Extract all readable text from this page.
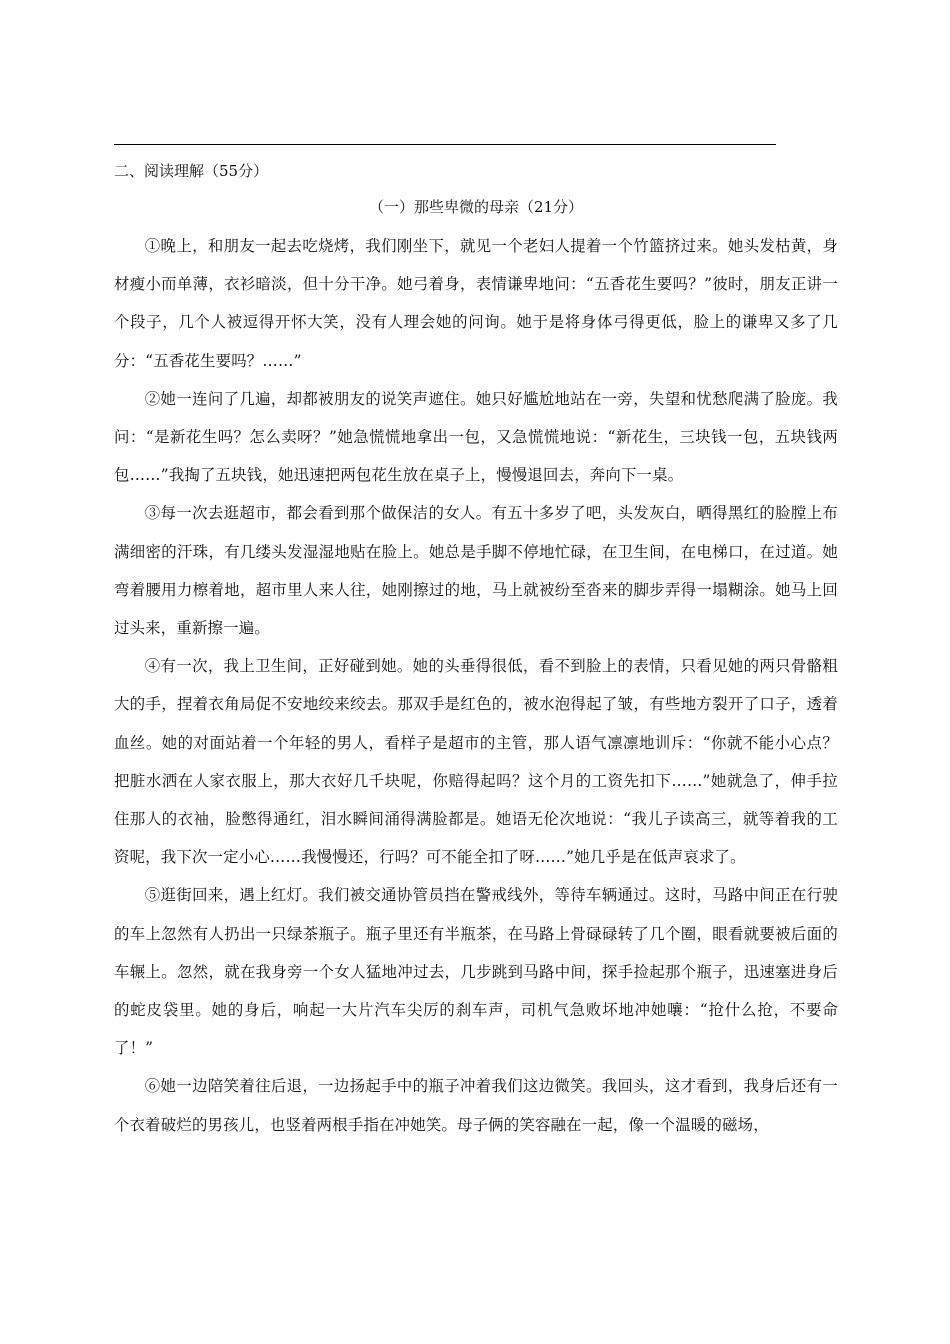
二、阅读理解（55分）

（一）那些卑微的母亲（21分）

①晚上，和朋友一起去吃烧烤，我们刚坐下，就见一个老妇人提着一个竹篮挤过来。她头发枯黄，身材瘦小而单薄，衣衫暗淡，但十分干净。她弓着身，表情谦卑地问：“五香花生要吗？”彼时，朋友正讲一个段子，几个人被逗得开怀大笑，没有人理会她的问询。她于是将身体弓得更低，脸上的谦卑又多了几分：“五香花生要吗？……”

②她一连问了几遍，却都被朋友的说笑声遮住。她只好尴尬地站在一旁，失望和忧愁爬满了脸庞。我问：“是新花生吗？怎么卖呀？”她急慌慌地拿出一包，又急慌慌地说：“新花生，三块钱一包，五块钱两包……”我掏了五块钱，她迅速把两包花生放在桌子上，慢慢退回去，奔向下一桌。

③每一次去逛超市，都会看到那个做保洁的女人。有五十多岁了吧，头发灰白，晒得黑红的脸膛上布满细密的汗珠，有几缕头发湿湿地贴在脸上。她总是手脚不停地忙碌，在卫生间，在电梯口，在过道。她弯着腰用力檫着地，超市里人来人往，她刚擦过的地，马上就被纷至沓来的脚步弄得一塌糊涂。她马上回过头来，重新擦一遍。

④有一次，我上卫生间，正好碰到她。她的头垂得很低，看不到脸上的表情，只看见她的两只骨骼粗大的手，捏着衣角局促不安地绞来绞去。那双手是红色的，被水泡得起了皱，有些地方裂开了口子，透着血丝。她的对面站着一个年轻的男人，看样子是超市的主管，那人语气凛凛地训斥：“你就不能小心点？把脏水洒在人家衣服上，那大衣好几千块呢，你赔得起吗？这个月的工资先扣下……”她就急了，伸手拉住那人的衣袖，脸憋得通红，泪水瞬间涌得满脸都是。她语无伦次地说：“我儿子读高三，就等着我的工资呢，我下次一定小心……我慢慢还，行吗？可不能全扣了呀……”她几乎是在低声哀求了。

⑤逛街回来，遇上红灯。我们被交通协管员挡在警戒线外，等待车辆通过。这时，马路中间正在行驶的车上忽然有人扔出一只绿茶瓶子。瓶子里还有半瓶茶，在马路上骨碌碌转了几个圈，眼看就要被后面的车辗上。忽然，就在我身旁一个女人猛地冲过去，几步跳到马路中间，探手捡起那个瓶子，迅速塞进身后的蛇皮袋里。她的身后，响起一大片汽车尖厉的刹车声，司机气急败坏地冲她嚷：“抢什么抢，不要命了！”

⑥她一边陪笑着往后退，一边扬起手中的瓶子冲着我们这边微笑。我回头，这才看到，我身后还有一个衣着破烂的男孩儿，也竖着两根手指在冲她笑。母子俩的笑容融在一起，像一个温暖的磁场，
